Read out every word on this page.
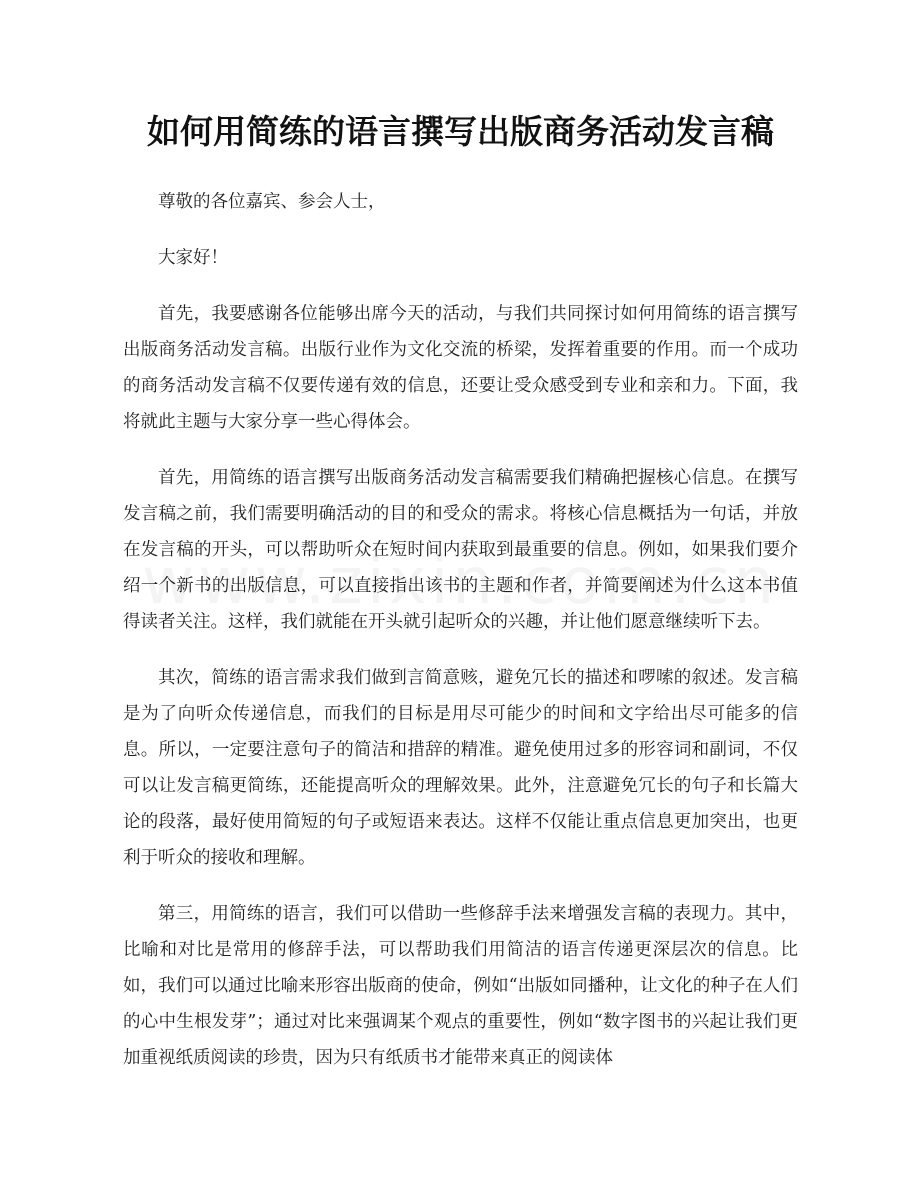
如何用简练的语言撰写出版商务活动发言稿

尊敬的各位嘉宾、参会人士，

大家好！

首先，我要感谢各位能够出席今天的活动，与我们共同探讨如何用简练的语言撰写出版商务活动发言稿。出版行业作为文化交流的桥梁，发挥着重要的作用。而一个成功的商务活动发言稿不仅要传递有效的信息，还要让受众感受到专业和亲和力。下面，我将就此主题与大家分享一些心得体会。

首先，用简练的语言撰写出版商务活动发言稿需要我们精确把握核心信息。在撰写发言稿之前，我们需要明确活动的目的和受众的需求。将核心信息概括为一句话，并放在发言稿的开头，可以帮助听众在短时间内获取到最重要的信息。例如，如果我们要介绍一个新书的出版信息，可以直接指出该书的主题和作者，并简要阐述为什么这本书值得读者关注。这样，我们就能在开头就引起听众的兴趣，并让他们愿意继续听下去。

其次，简练的语言需求我们做到言简意赅，避免冗长的描述和啰嗦的叙述。发言稿是为了向听众传递信息，而我们的目标是用尽可能少的时间和文字给出尽可能多的信息。所以，一定要注意句子的简洁和措辞的精准。避免使用过多的形容词和副词，不仅可以让发言稿更简练，还能提高听众的理解效果。此外，注意避免冗长的句子和长篇大论的段落，最好使用简短的句子或短语来表达。这样不仅能让重点信息更加突出，也更利于听众的接收和理解。

第三，用简练的语言，我们可以借助一些修辞手法来增强发言稿的表现力。其中，比喻和对比是常用的修辞手法，可以帮助我们用简洁的语言传递更深层次的信息。比如，我们可以通过比喻来形容出版商的使命，例如“出版如同播种，让文化的种子在人们的心中生根发芽”；通过对比来强调某个观点的重要性，例如“数字图书的兴起让我们更加重视纸质阅读的珍贵，因为只有纸质书才能带来真正的阅读体
